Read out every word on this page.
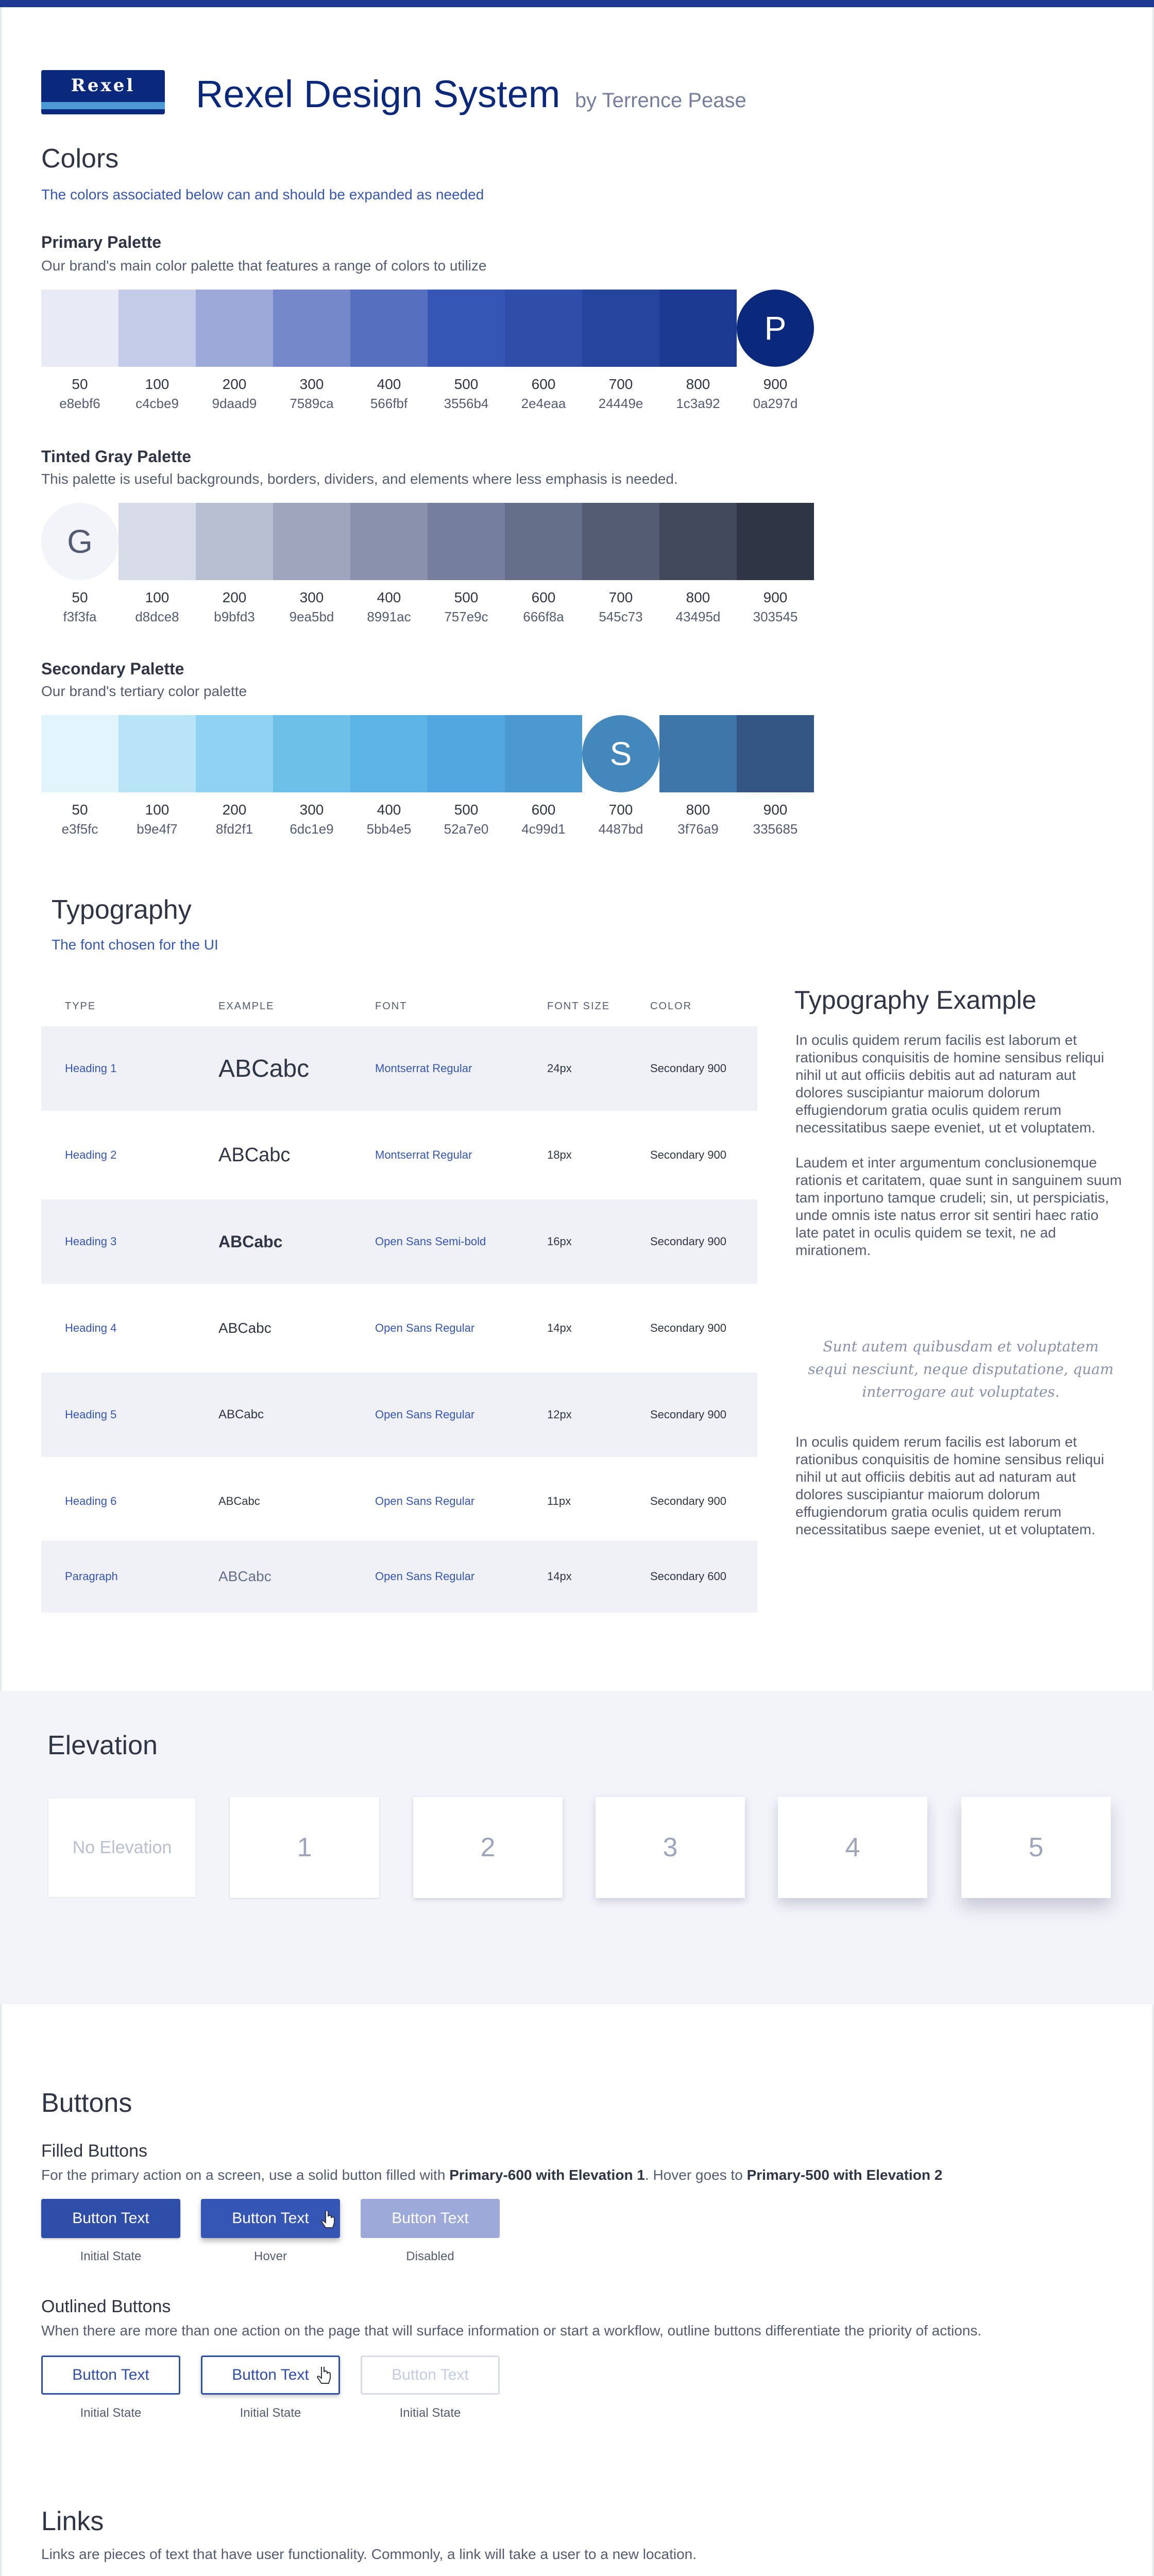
Rexel	Rexel Design System by Terrence Pease
Colors
The colors associated below can and should be expanded as needed
Primary Palette
Our brand's main color palette that features a range of colors to utilize
50
e8ebf6
100
c4cbe9
200
9daad9
300
7589ca
400
566fbf
500
3556b4
600
2e4eaa
700
24449e
800
1c3a92
P
900
0a297d
Tinted Gray Palette
This palette is useful backgrounds, borders, dividers, and elements where less emphasis is needed.
G
50
f3f3fa
100
d8dce8
200
b9bfd3
300
9ea5bd
400
8991ac
500
757e9c
600
666f8a
700
545c73
800
43495d
900
303545
Secondary Palette
Our brand's tertiary color palette
50
e3f5fc
100
b9e4f7
200
8fd2f1
300
6dc1e9
400
5bb4e5
500
52a7e0
600
4c99d1
S
700
4487bd
800
3f76a9
900
335685
Typography
The font chosen for the UI
TYPE	EXAMPLE	FONT	FONT SIZE	COLOR
Heading 1	ABCabc	Montserrat Regular	24px	Secondary 900
Heading 2	ABCabc	Montserrat Regular	18px	Secondary 900
Heading 3	ABCabc	Open Sans Semi-bold	16px	Secondary 900
Heading 4	ABCabc	Open Sans Regular	14px	Secondary 900
Heading 5	ABCabc	Open Sans Regular	12px	Secondary 900
Heading 6	ABCabc	Open Sans Regular	11px	Secondary 900
Paragraph	ABCabc	Open Sans Regular	14px	Secondary 600
Typography Example
In oculis quidem rerum facilis est laborum et rationibus conquisitis de homine sensibus reliqui nihil ut aut officiis debitis aut ad naturam aut dolores suscipiantur maiorum dolorum effugiendorum gratia oculis quidem rerum necessitatibus saepe eveniet, ut et voluptatem.
Laudem et inter argumentum conclusionemque rationis et caritatem, quae sunt in sanguinem suum tam inportuno tamque crudeli; sin, ut perspiciatis, unde omnis iste natus error sit sentiri haec ratio late patet in oculis quidem se texit, ne ad mirationem.
Sunt autem quibusdam et voluptatem sequi nesciunt, neque disputatione, quam interrogare aut voluptates.
In oculis quidem rerum facilis est laborum et rationibus conquisitis de homine sensibus reliqui nihil ut aut officiis debitis aut ad naturam aut dolores suscipiantur maiorum dolorum effugiendorum gratia oculis quidem rerum necessitatibus saepe eveniet, ut et voluptatem.
Elevation
No Elevation	1	2	3	4	5
Buttons
Filled Buttons
For the primary action on a screen, use a solid button filled with Primary-600 with Elevation 1. Hover goes to Primary-500 with Elevation 2
Button Text	Button Text	Button Text
Initial State	Hover	Disabled
Outlined Buttons
When there are more than one action on the page that will surface information or start a workflow, outline buttons differentiate the priority of actions.
Button Text	Button Text	Button Text
Initial State	Initial State	Initial State
Links
Links are pieces of text that have user functionality. Commonly, a link will take a user to a new location.
